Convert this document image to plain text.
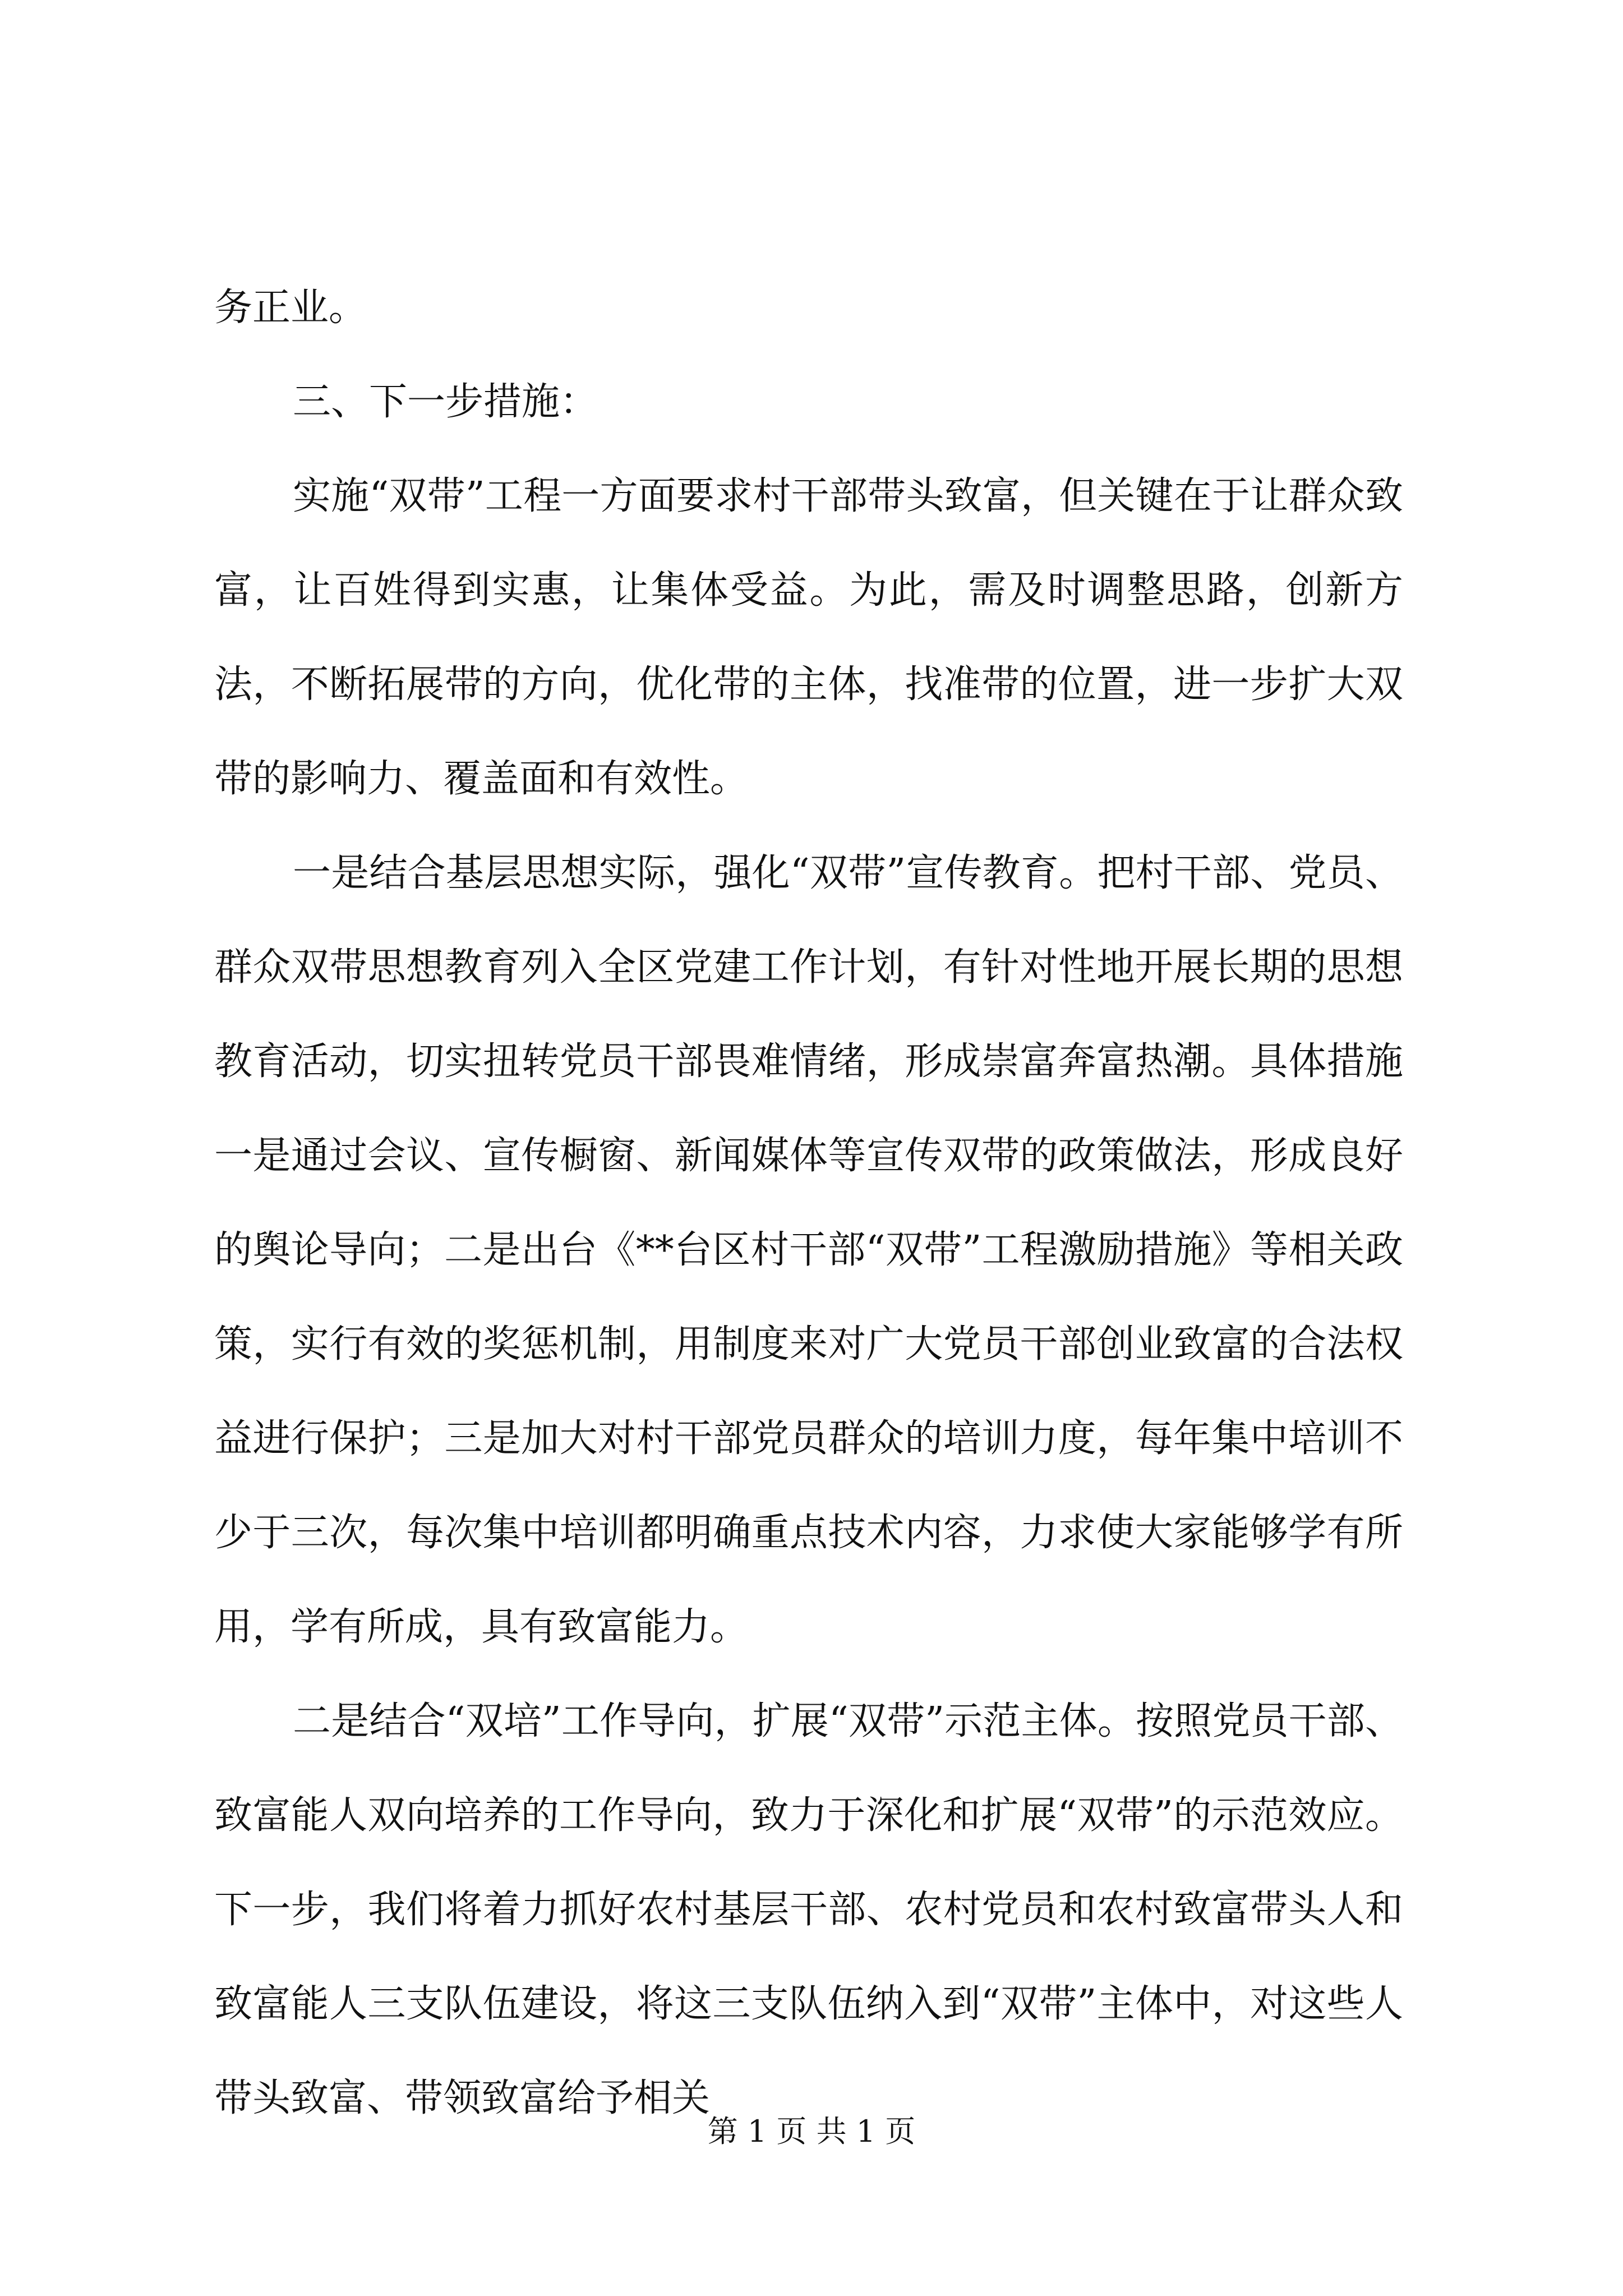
务正业。

三、下一步措施：

实施“双带”工程一方面要求村干部带头致富，但关键在于让群众致富，让百姓得到实惠，让集体受益。为此，需及时调整思路，创新方法，不断拓展带的方向，优化带的主体，找准带的位置，进一步扩大双带的影响力、覆盖面和有效性。

一是结合基层思想实际，强化“双带”宣传教育。把村干部、党员、群众双带思想教育列入全区党建工作计划，有针对性地开展长期的思想教育活动，切实扭转党员干部畏难情绪，形成崇富奔富热潮。具体措施一是通过会议、宣传橱窗、新闻媒体等宣传双带的政策做法，形成良好的舆论导向；二是出台《**台区村干部“双带”工程激励措施》等相关政策，实行有效的奖惩机制，用制度来对广大党员干部创业致富的合法权益进行保护；三是加大对村干部党员群众的培训力度，每年集中培训不少于三次，每次集中培训都明确重点技术内容，力求使大家能够学有所用，学有所成，具有致富能力。

二是结合“双培”工作导向，扩展“双带”示范主体。按照党员干部、致富能人双向培养的工作导向，致力于深化和扩展“双带”的示范效应。下一步，我们将着力抓好农村基层干部、农村党员和农村致富带头人和致富能人三支队伍建设，将这三支队伍纳入到“双带”主体中，对这些人带头致富、带领致富给予相关

第 1 页 共 1 页
